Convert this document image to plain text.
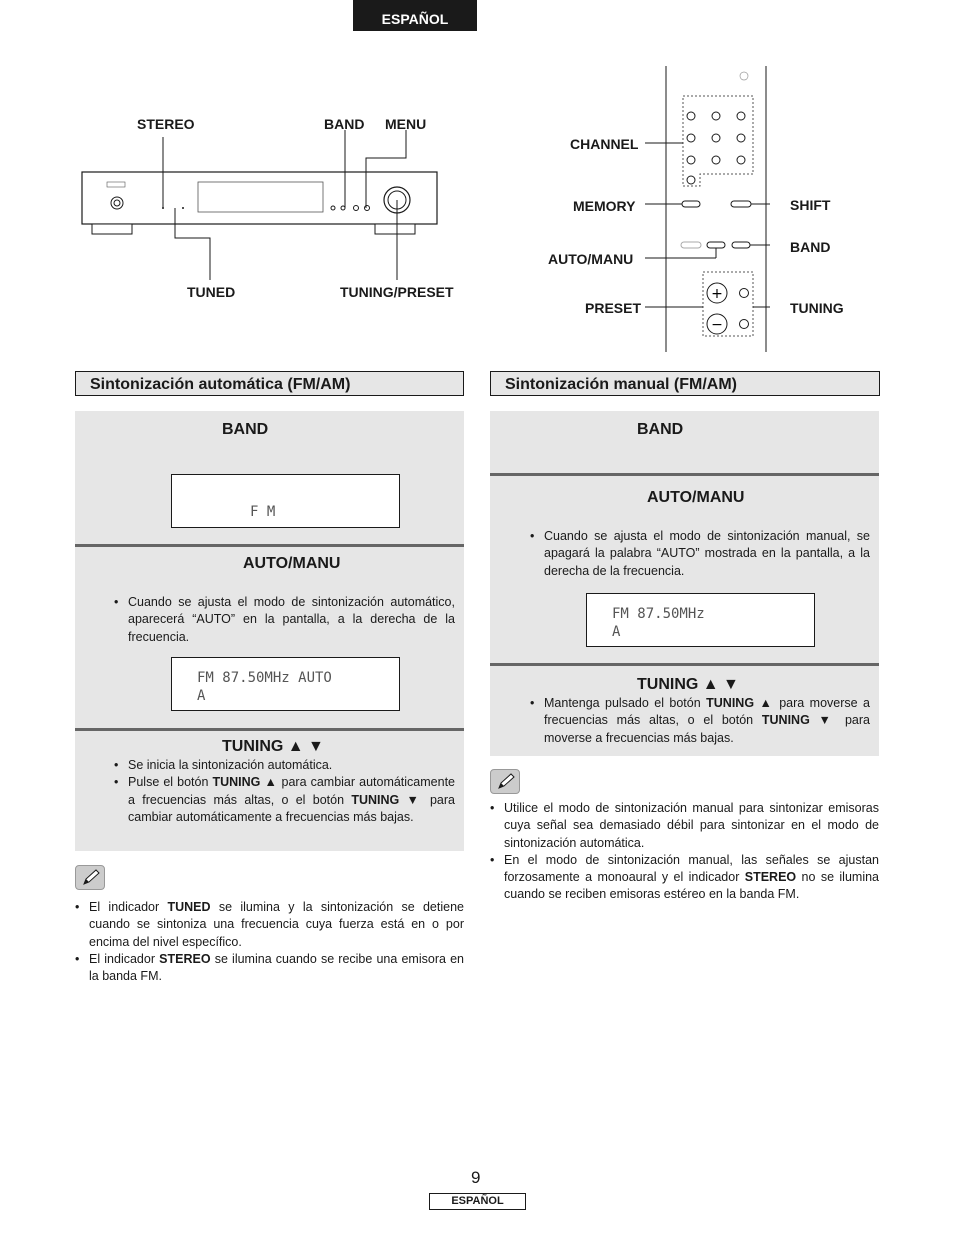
ESPAÑOL
STEREO	BAND MENU
TUNED	TUNING/PRESET	+
−
CHANNEL
MEMORY
AUTO/MANU
PRESET
SHIFT
BAND
TUNING
Sintonización automática (FM/AM)
BAND
F M
AUTO/MANU
• Cuando se ajusta el modo de sintonización automático, aparecerá “AUTO” en la pantalla, a la derecha de la frecuencia.
FM 87.50MHz AUTO
A
TUNING ▲ ▼
• Se inicia la sintonización automática.
• Pulse el botón TUNING ▲ para cambiar automáticamente a frecuencias más altas, o el botón TUNING ▼ para cambiar automáticamente a frecuencias más bajas.
• El indicador TUNED se ilumina y la sintonización se detiene cuando se sintoniza una frecuencia cuya fuerza está en o por encima del nivel específico.
• El indicador STEREO se ilumina cuando se recibe una emisora en la banda FM.
Sintonización manual (FM/AM)
BAND
AUTO/MANU
• Cuando se ajusta el modo de sintonización manual, se apagará la palabra “AUTO” mostrada en la pantalla, a la derecha de la frecuencia.
FM 87.50MHz
A
TUNING ▲ ▼
• Mantenga pulsado el botón TUNING ▲ para moverse a frecuencias más altas, o el botón TUNING ▼ para moverse a frecuencias más bajas.
• Utilice el modo de sintonización manual para sintonizar emisoras cuya señal sea demasiado débil para sintonizar en el modo de sintonización automática.
• En el modo de sintonización manual, las señales se ajustan forzosamente a monoaural y el indicador STEREO no se ilumina cuando se reciben emisoras estéreo en la banda FM.
9
ESPAÑOL
